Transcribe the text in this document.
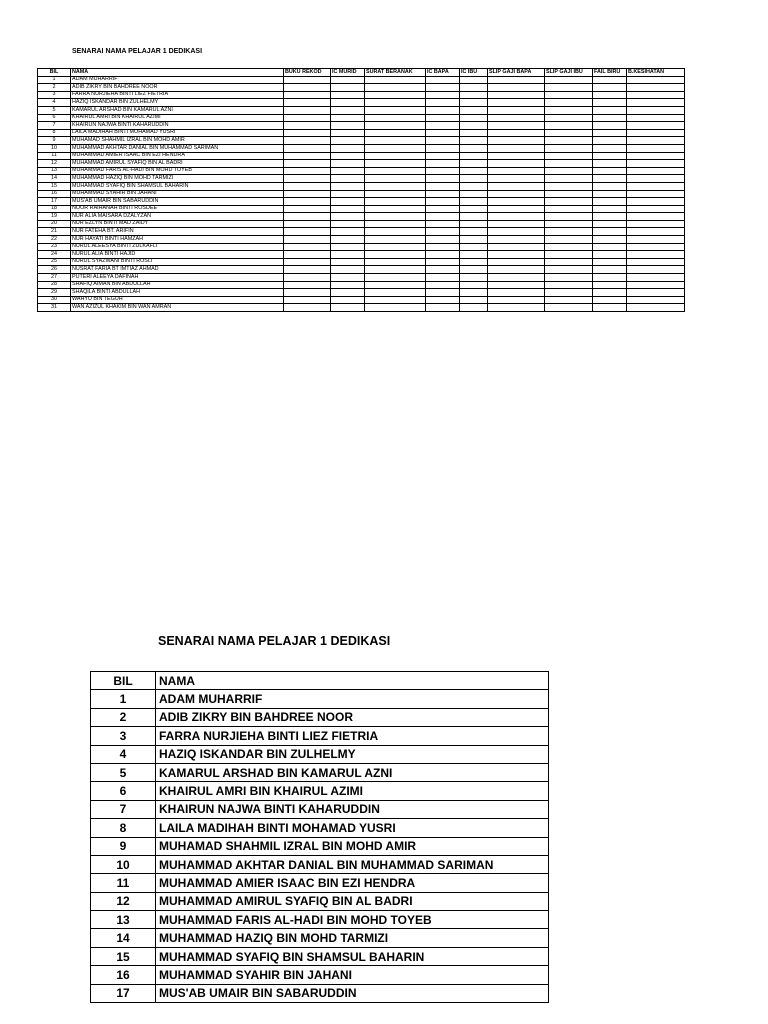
SENARAI NAMA PELAJAR 1 DEDIKASI
BIL	NAMA	BUKU REKOD	IC MURID	SURAT BERANAK	IC BAPA	IC IBU	SLIP GAJI BAPA	SLIP GAJI IBU	FAIL BIRU	B.KESIHATAN
1	ADAM MUHARRIF									
2	ADIB ZIKRY BIN BAHDREE NOOR									
3	FARRA NURJIEHA BINTI LIEZ FIETRIA									
4	HAZIQ ISKANDAR BIN ZULHELMY									
5	KAMARUL ARSHAD BIN KAMARUL AZNI									
6	KHAIRUL AMRI BIN KHAIRUL AZIMI									
7	KHAIRUN NAJWA BINTI KAHARUDDIN									
8	LAILA MADIHAH BINTI MOHAMAD YUSRI									
9	MUHAMAD SHAHMIL IZRAL BIN MOHD AMIR									
10	MUHAMMAD AKHTAR DANIAL BIN MUHAMMAD SARIMAN									
11	MUHAMMAD AMIER ISAAC BIN EZI HENDRA									
12	MUHAMMAD AMIRUL SYAFIQ BIN AL BADRI									
13	MUHAMMAD FARIS AL-HADI BIN MOHD TOYEB									
14	MUHAMMAD HAZIQ BIN MOHD TARMIZI									
15	MUHAMMAD SYAFIQ BIN SHAMSUL BAHARIN									
16	MUHAMMAD SYAHIR BIN JAHANI									
17	MUS'AB UMAIR BIN SABARUDDIN									
18	NOOR RAIHANAH BINTI ROSDEE									
19	NUR ALIA MAISARA DZALYZAN									
20	NUR EZLYN BINTI MAD ZAIDY									
21	NUR FATEHA BT. ARIFIN									
22	NUR HAYATI BINTI HAMZAH									
23	NURUL ALEESYA BINTI ZULKAFLI									
24	NURUL ALIA BINTI HAJID									
25	NURUL SYAZWANI BINTI ROSLI									
26	NUSRAT FARIA BT IMTIAZ AHMAD									
27	PUTERI ALEEYA DAFINAH									
28	SHAFIQ AIMAN BIN ABDULLAH									
29	SHAQILA BINTI ABDULLAH									
30	WAHYU BIN TEGUH									
31	WAN AZIZUL KHAKIM BIN WAN AMRAN									
SENARAI NAMA PELAJAR 1 DEDIKASI
BIL	NAMA
1	ADAM MUHARRIF
2	ADIB ZIKRY BIN BAHDREE NOOR
3	FARRA NURJIEHA BINTI LIEZ FIETRIA
4	HAZIQ ISKANDAR BIN ZULHELMY
5	KAMARUL ARSHAD BIN KAMARUL AZNI
6	KHAIRUL AMRI BIN KHAIRUL AZIMI
7	KHAIRUN NAJWA BINTI KAHARUDDIN
8	LAILA MADIHAH BINTI MOHAMAD YUSRI
9	MUHAMAD SHAHMIL IZRAL BIN MOHD AMIR
10	MUHAMMAD AKHTAR DANIAL BIN MUHAMMAD SARIMAN
11	MUHAMMAD AMIER ISAAC BIN EZI HENDRA
12	MUHAMMAD AMIRUL SYAFIQ BIN AL BADRI
13	MUHAMMAD FARIS AL-HADI BIN MOHD TOYEB
14	MUHAMMAD HAZIQ BIN MOHD TARMIZI
15	MUHAMMAD SYAFIQ BIN SHAMSUL BAHARIN
16	MUHAMMAD SYAHIR BIN JAHANI
17	MUS'AB UMAIR BIN SABARUDDIN
